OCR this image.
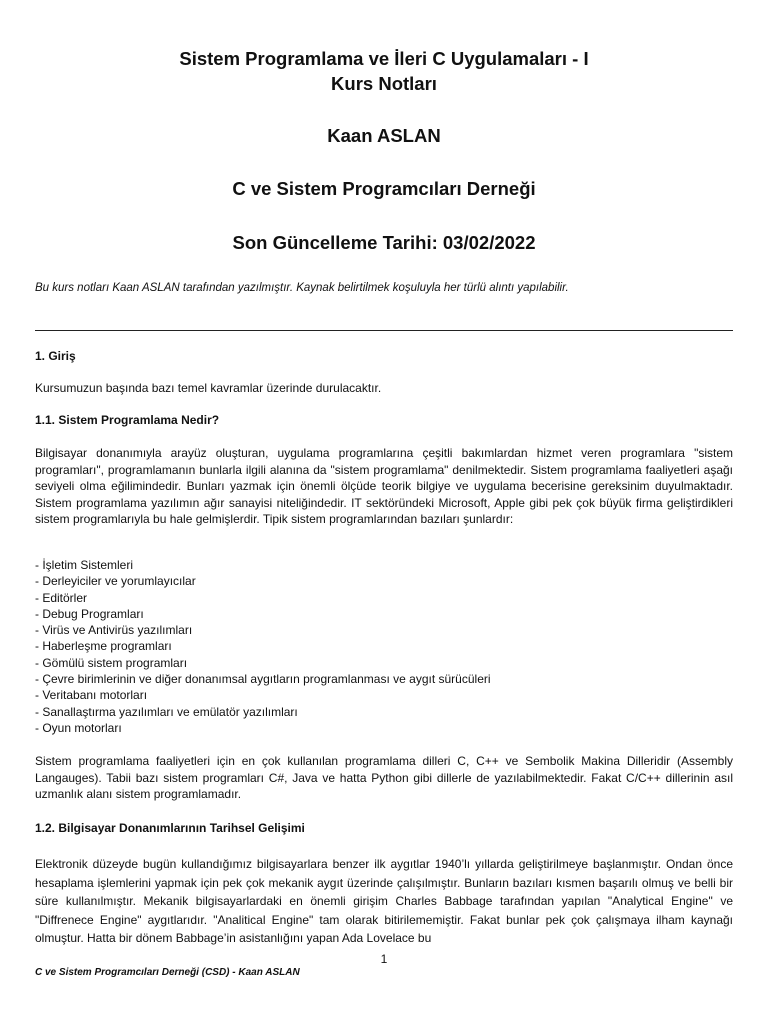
Sistem Programlama ve İleri C Uygulamaları - I
Kurs Notları
Kaan ASLAN
C ve Sistem Programcıları Derneği
Son Güncelleme Tarihi: 03/02/2022
Bu kurs notları Kaan ASLAN tarafından yazılmıştır. Kaynak belirtilmek koşuluyla her türlü alıntı yapılabilir.
1. Giriş
Kursumuzun başında bazı temel kavramlar üzerinde durulacaktır.
1.1. Sistem Programlama Nedir?
Bilgisayar donanımıyla arayüz oluşturan, uygulama programlarına çeşitli bakımlardan hizmet veren programlara "sistem programları", programlamanın bunlarla ilgili alanına da "sistem programlama" denilmektedir. Sistem programlama faaliyetleri aşağı seviyeli olma eğilimindedir. Bunları yazmak için önemli ölçüde teorik bilgiye ve uygulama becerisine gereksinim duyulmaktadır. Sistem programlama yazılımın ağır sanayisi niteliğindedir. IT sektöründeki Microsoft, Apple gibi pek çok büyük firma geliştirdikleri sistem programlarıyla bu hale gelmişlerdir. Tipik sistem programlarından bazıları şunlardır:
- İşletim Sistemleri
- Derleyiciler ve yorumlayıcılar
- Editörler
- Debug Programları
- Virüs ve Antivirüs yazılımları
- Haberleşme programları
- Gömülü sistem programları
- Çevre birimlerinin ve diğer donanımsal aygıtların programlanması ve aygıt sürücüleri
- Veritabanı motorları
- Sanallaştırma yazılımları ve emülatör yazılımları
- Oyun motorları
Sistem programlama faaliyetleri için en çok kullanılan programlama dilleri C, C++ ve Sembolik Makina Dilleridir (Assembly Langauges). Tabii bazı sistem programları C#, Java ve hatta Python gibi dillerle de yazılabilmektedir. Fakat C/C++ dillerinin asıl uzmanlık alanı sistem programlamadır.
1.2. Bilgisayar Donanımlarının Tarihsel Gelişimi
Elektronik düzeyde bugün kullandığımız bilgisayarlara benzer ilk aygıtlar 1940’lı yıllarda geliştirilmeye başlanmıştır. Ondan önce hesaplama işlemlerini yapmak için pek çok mekanik aygıt üzerinde çalışılmıştır. Bunların bazıları kısmen başarılı olmuş ve belli bir süre kullanılmıştır. Mekanik bilgisayarlardaki en önemli girişim Charles Babbage tarafından yapılan "Analytical Engine" ve "Diffrenece Engine" aygıtlarıdır. "Analitical Engine" tam olarak bitirilememiştir. Fakat bunlar pek çok çalışmaya ilham kaynağı olmuştur. Hatta bir dönem Babbage’in asistanlığını yapan Ada Lovelace bu
1
C ve Sistem Programcıları Derneği (CSD) - Kaan ASLAN
